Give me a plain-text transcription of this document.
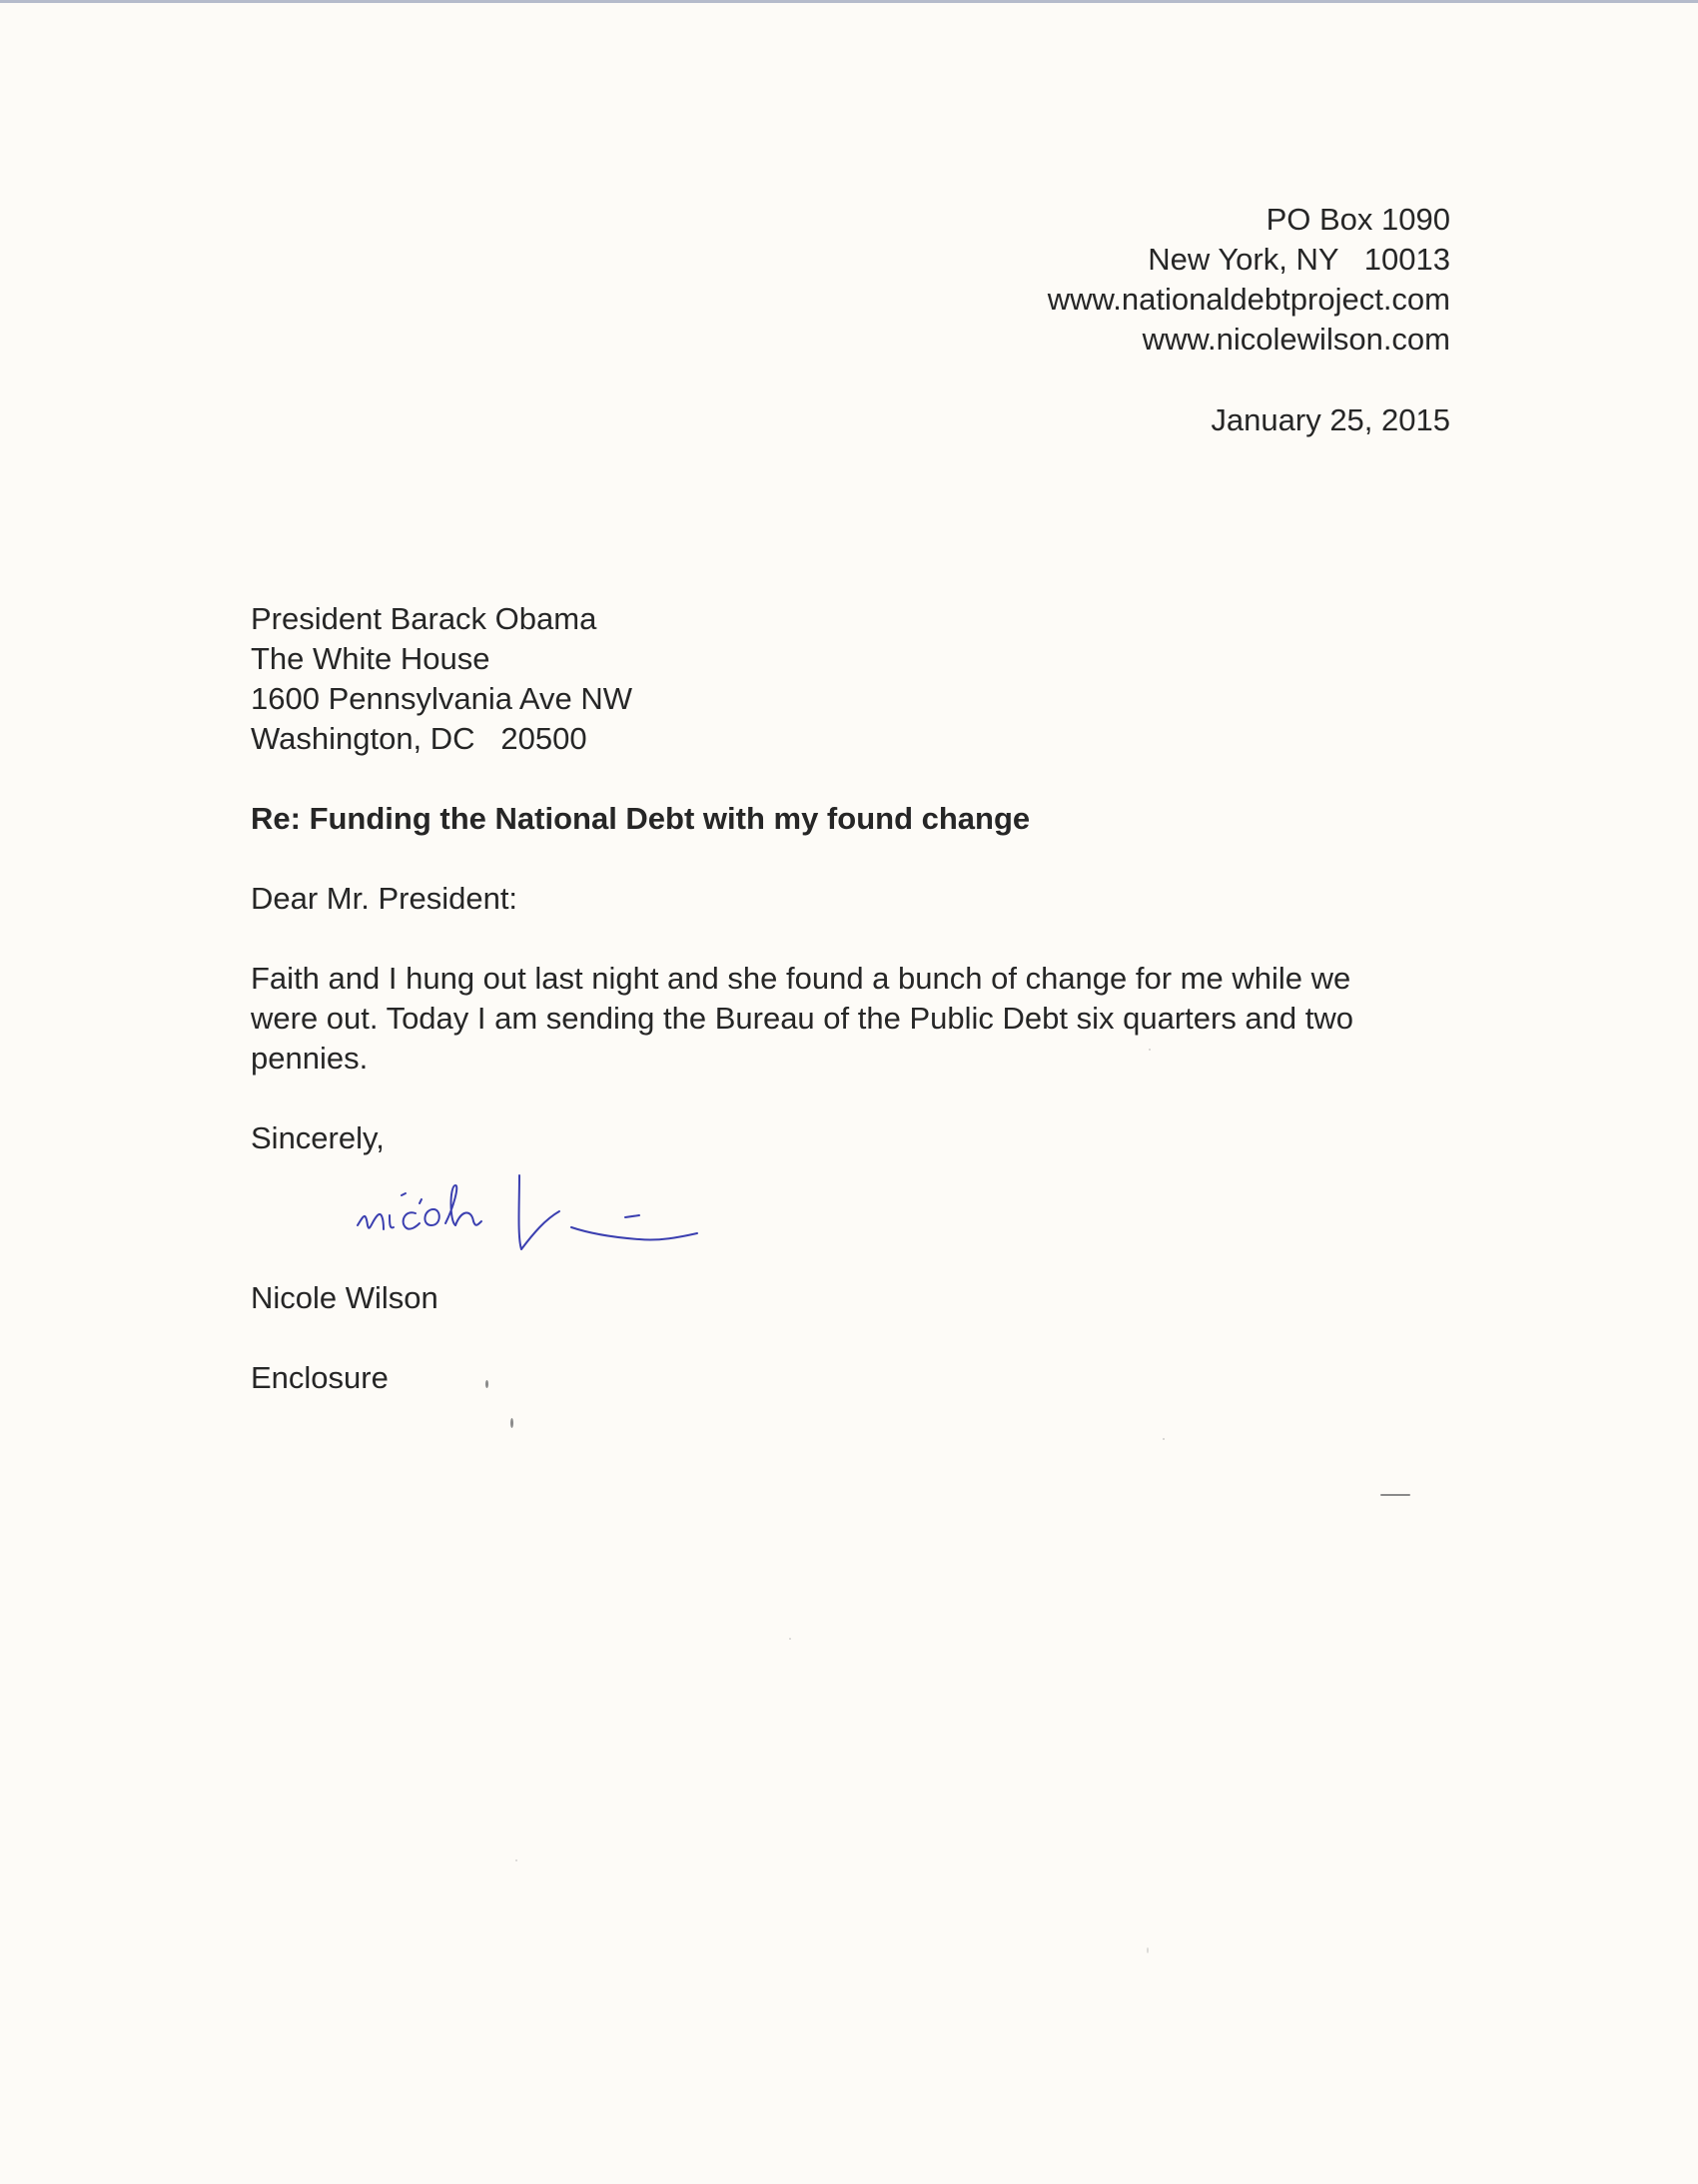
PO Box 1090
New York, NY   10013
www.nationaldebtproject.com
www.nicolewilson.com
January 25, 2015
President Barack Obama
The White House
1600 Pennsylvania Ave NW
Washington, DC   20500
Re: Funding the National Debt with my found change
Dear Mr. President:
Faith and I hung out last night and she found a bunch of change for me while we
were out. Today I am sending the Bureau of the Public Debt six quarters and two
pennies.
Sincerely,
Nicole Wilson
Enclosure
